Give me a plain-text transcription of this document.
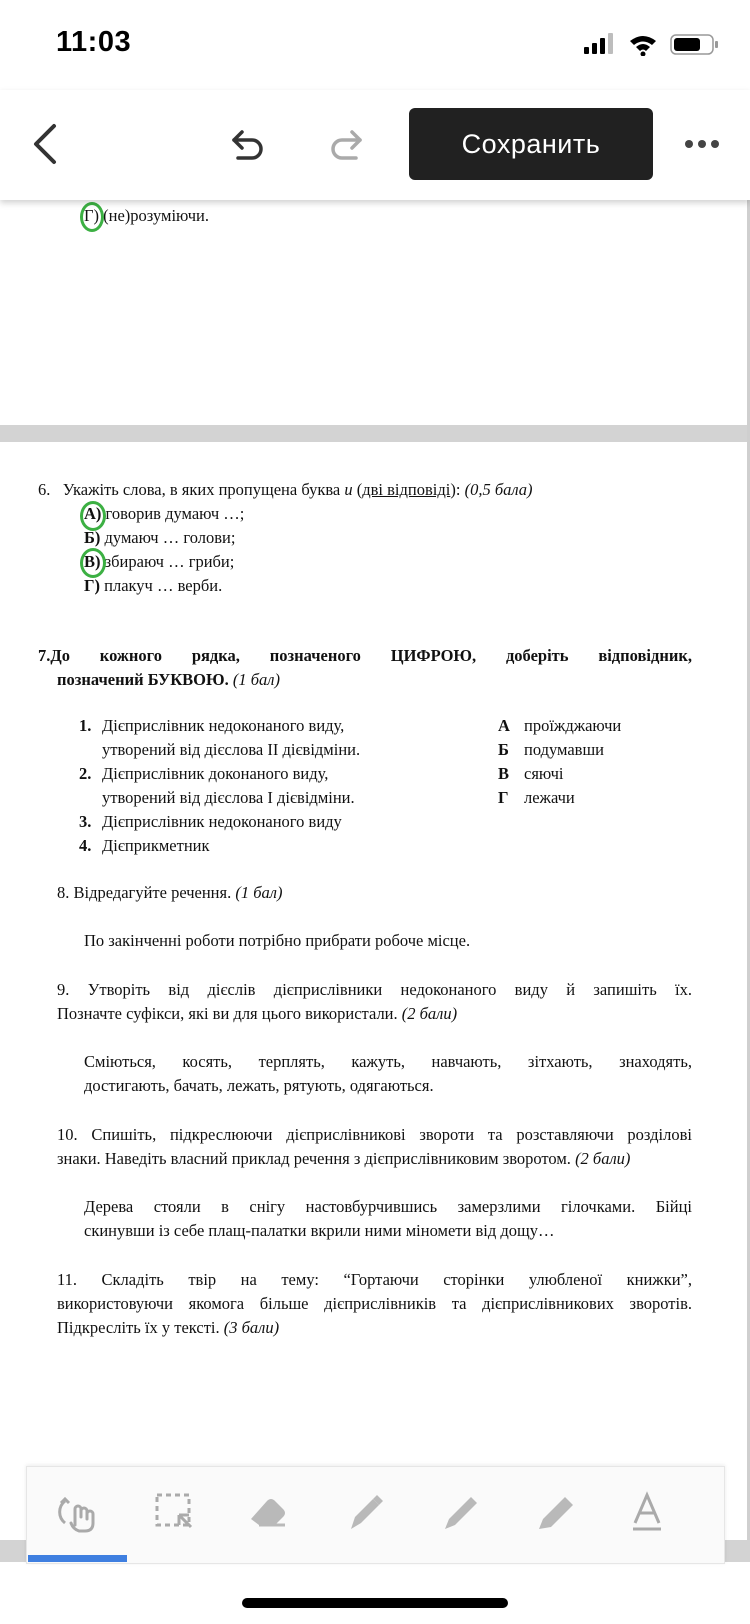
11:03
Сохранить
Г) (не)розуміючи.
6. Укажіть слова, в яких пропущена буква и (дві відповіді): (0,5 бала)
А) говорив думаюч …;
Б) думаюч … голови;
В) збираюч … гриби;
Г) плакуч … верби.
7.До кожного рядка, позначеного ЦИФРОЮ, доберіть відповідник,
позначений БУКВОЮ. (1 бал)
1. Дієприслівник недоконаного виду,
утворений від дієслова ІІ дієвідміни.
2. Дієприслівник доконаного виду,
утворений від дієслова І дієвідміни.
3. Дієприслівник недоконаного виду
4. Дієприкметник
А проїжджаючи
Б подумавши
В сяючі
Г лежачи
8. Відредагуйте речення. (1 бал)
По закінченні роботи потрібно прибрати робоче місце.
9. Утворіть від дієслів дієприслівники недоконаного виду й запишіть їх.
Позначте суфікси, які ви для цього використали. (2 бали)
Сміються, косять, терплять, кажуть, навчають, зітхають, знаходять,
достигають, бачать, лежать, рятують, одягаються.
10. Спишіть, підкреслюючи дієприслівникові звороти та розставляючи розділові
знаки. Наведіть власний приклад речення з дієприслівниковим зворотом. (2 бали)
Дерева стояли в снігу настовбурчившись замерзлими гілочками. Бійці
скинувши із себе плащ-палатки вкрили ними міномети від дощу…
11. Складіть твір на тему: “Гортаючи сторінки улюбленої книжки”,
використовуючи якомога більше дієприслівників та дієприслівникових зворотів.
Підкресліть їх у тексті. (3 бали)
